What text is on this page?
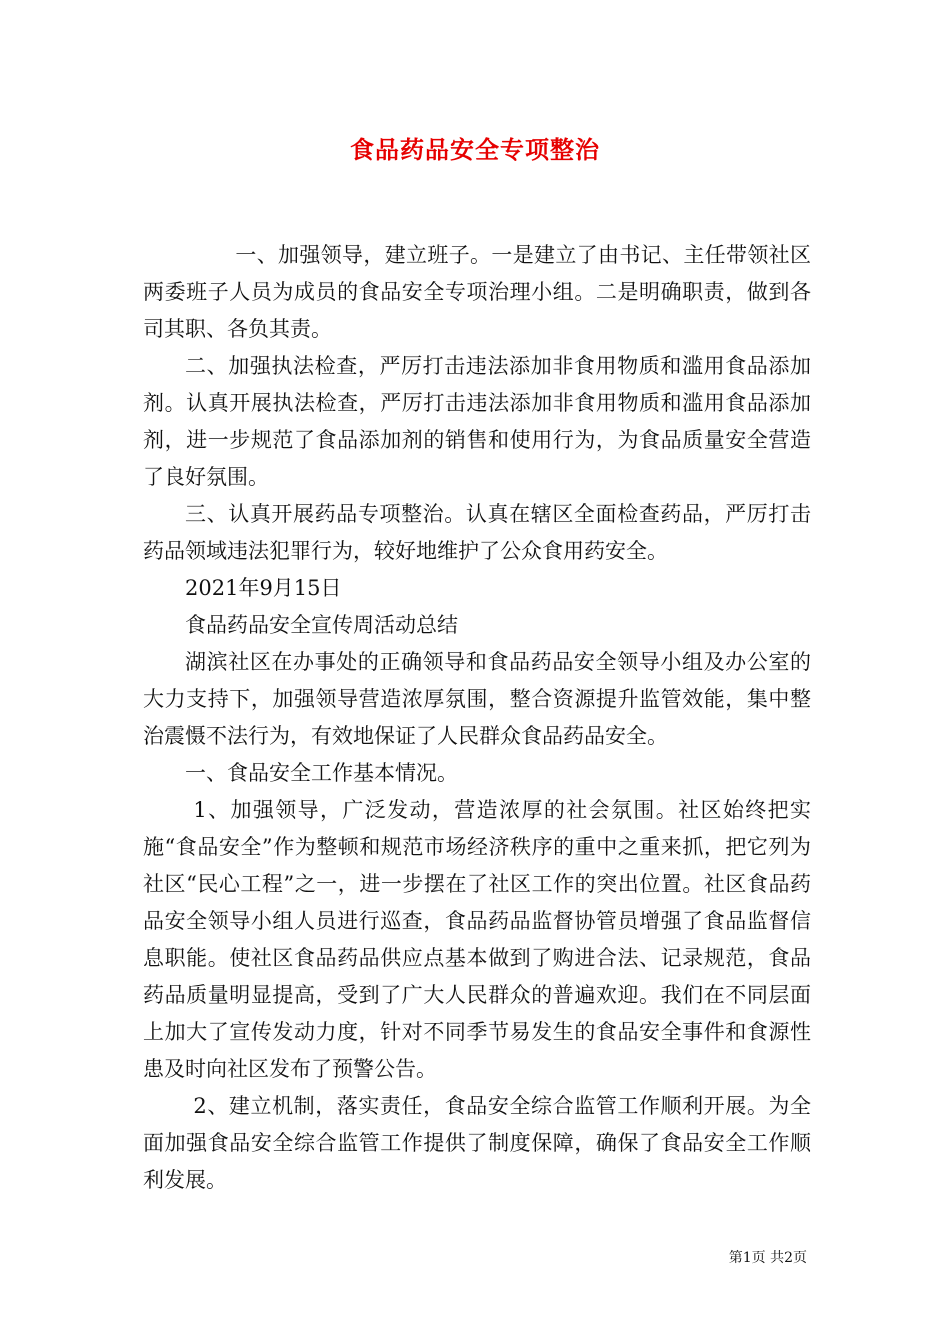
食品药品安全专项整治

一、加强领导，建立班子。一是建立了由书记、主任带领社区两委班子人员为成员的食品安全专项治理小组。二是明确职责，做到各司其职、各负其责。

二、加强执法检查，严厉打击违法添加非食用物质和滥用食品添加剂。认真开展执法检查，严厉打击违法添加非食用物质和滥用食品添加剂，进一步规范了食品添加剂的销售和使用行为，为食品质量安全营造了良好氛围。

三、认真开展药品专项整治。认真在辖区全面检查药品，严厉打击药品领域违法犯罪行为，较好地维护了公众食用药安全。

2021年9月15日

食品药品安全宣传周活动总结

湖滨社区在办事处的正确领导和食品药品安全领导小组及办公室的大力支持下，加强领导营造浓厚氛围，整合资源提升监管效能，集中整治震慑不法行为，有效地保证了人民群众食品药品安全。

一、食品安全工作基本情况。

1、加强领导，广泛发动，营造浓厚的社会氛围。社区始终把实施“食品安全”作为整顿和规范市场经济秩序的重中之重来抓，把它列为社区“民心工程”之一，进一步摆在了社区工作的突出位置。社区食品药品安全领导小组人员进行巡查，食品药品监督协管员增强了食品监督信息职能。使社区食品药品供应点基本做到了购进合法、记录规范，食品药品质量明显提高，受到了广大人民群众的普遍欢迎。我们在不同层面上加大了宣传发动力度，针对不同季节易发生的食品安全事件和食源性患及时向社区发布了预警公告。

2、建立机制，落实责任，食品安全综合监管工作顺利开展。为全面加强食品安全综合监管工作提供了制度保障，确保了食品安全工作顺利发展。

第1页 共2页
